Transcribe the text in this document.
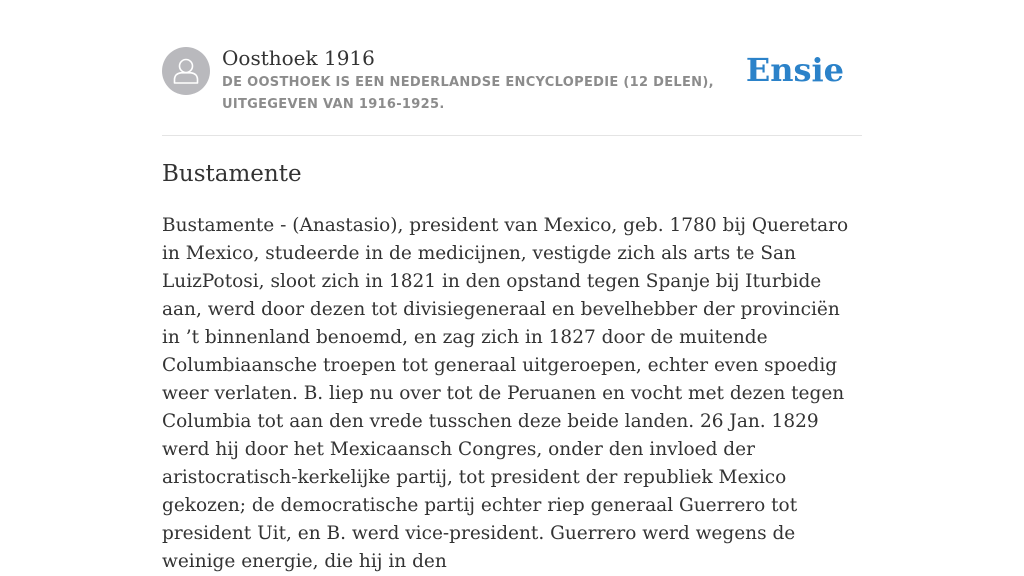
Oosthoek 1916
DE OOSTHOEK IS EEN NEDERLANDSE ENCYCLOPEDIE (12 DELEN), UITGEGEVEN VAN 1916-1925.
Ensie
Bustamente

Bustamente - (Anastasio), president van Mexico, geb. 1780 bij Queretaro in Mexico, studeerde in de medicijnen, vestigde zich als arts te San LuizPotosi, sloot zich in 1821 in den opstand tegen Spanje bij Iturbide aan, werd door dezen tot divisiegeneraal en bevelhebber der provinciën in ’t binnenland benoemd, en zag zich in 1827 door de muitende Columbiaansche troepen tot generaal uitgeroepen, echter even spoedig weer verlaten. B. liep nu over tot de Peruanen en vocht met dezen tegen Columbia tot aan den vrede tusschen deze beide landen. 26 Jan. 1829 werd hij door het Mexicaansch Congres, onder den invloed der aristocratisch-kerkelijke partij, tot president der republiek Mexico gekozen; de democratische partij echter riep generaal Guerrero tot president Uit, en B. werd vice-president. Guerrero werd wegens de weinige energie, die hij in den
